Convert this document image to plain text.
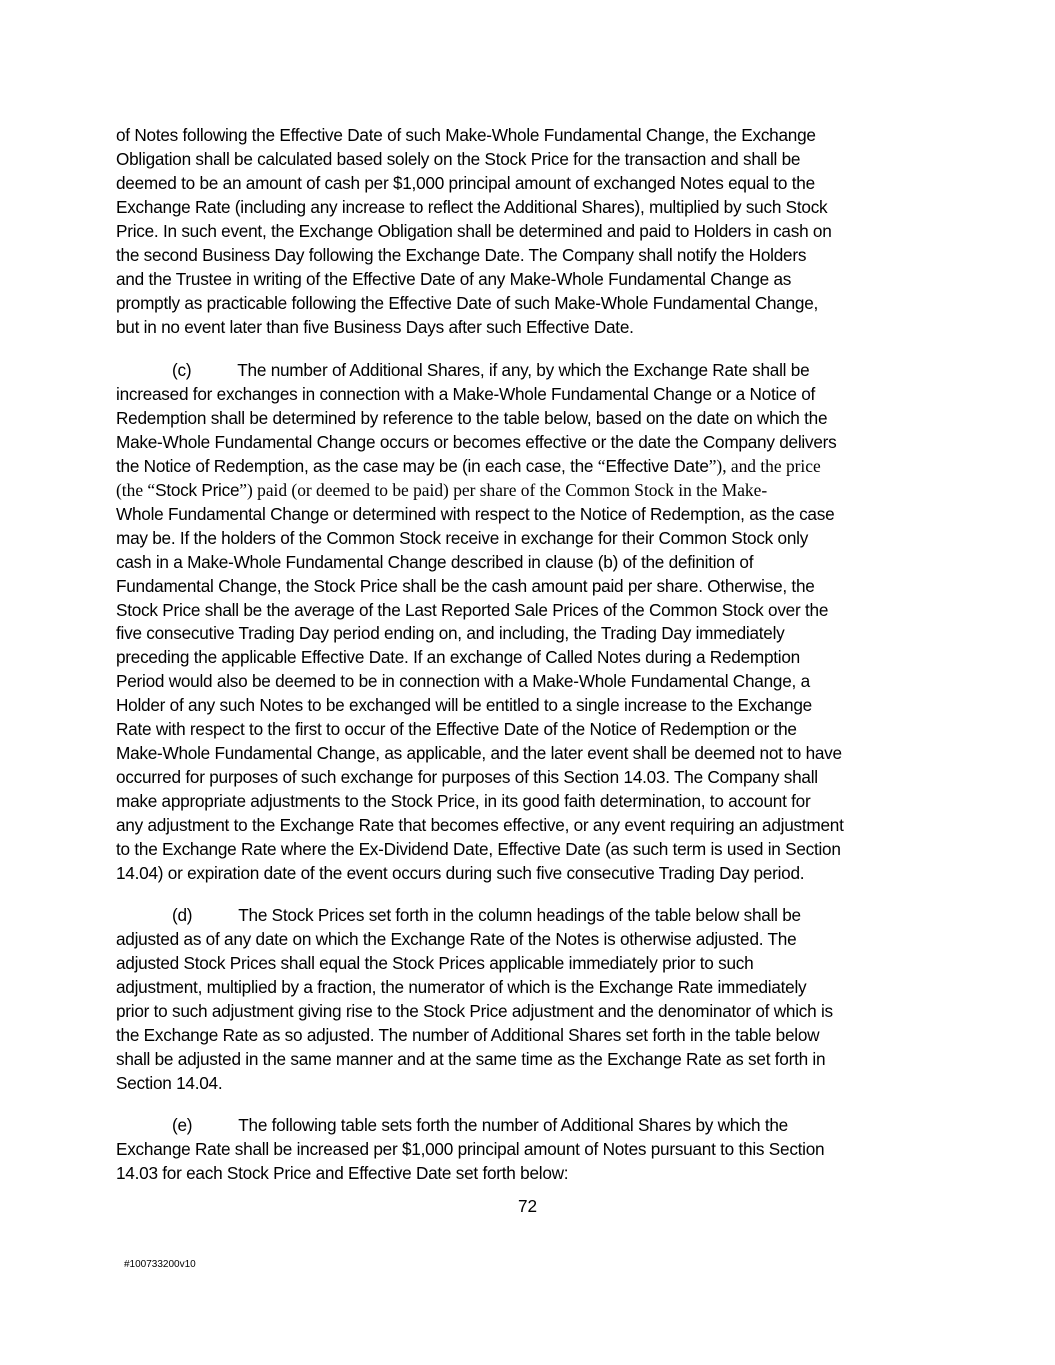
of Notes following the Effective Date of such Make-Whole Fundamental Change, the Exchange
Obligation shall be calculated based solely on the Stock Price for the transaction and shall be
deemed to be an amount of cash per $1,000 principal amount of exchanged Notes equal to the
Exchange Rate (including any increase to reflect the Additional Shares), multiplied by such Stock
Price. In such event, the Exchange Obligation shall be determined and paid to Holders in cash on
the second Business Day following the Exchange Date. The Company shall notify the Holders
and the Trustee in writing of the Effective Date of any Make-Whole Fundamental Change as
promptly as practicable following the Effective Date of such Make-Whole Fundamental Change,
but in no event later than five Business Days after such Effective Date.
(c)	The number of Additional Shares, if any, by which the Exchange Rate shall be
increased for exchanges in connection with a Make-Whole Fundamental Change or a Notice of
Redemption shall be determined by reference to the table below, based on the date on which the
Make-Whole Fundamental Change occurs or becomes effective or the date the Company delivers
the Notice of Redemption, as the case may be (in each case, the “Effective Date”), and the price
(the “Stock Price”) paid (or deemed to be paid) per share of the Common Stock in the Make-
Whole Fundamental Change or determined with respect to the Notice of Redemption, as the case
may be. If the holders of the Common Stock receive in exchange for their Common Stock only
cash in a Make-Whole Fundamental Change described in clause (b) of the definition of
Fundamental Change, the Stock Price shall be the cash amount paid per share. Otherwise, the
Stock Price shall be the average of the Last Reported Sale Prices of the Common Stock over the
five consecutive Trading Day period ending on, and including, the Trading Day immediately
preceding the applicable Effective Date. If an exchange of Called Notes during a Redemption
Period would also be deemed to be in connection with a Make-Whole Fundamental Change, a
Holder of any such Notes to be exchanged will be entitled to a single increase to the Exchange
Rate with respect to the first to occur of the Effective Date of the Notice of Redemption or the
Make-Whole Fundamental Change, as applicable, and the later event shall be deemed not to have
occurred for purposes of such exchange for purposes of this Section 14.03. The Company shall
make appropriate adjustments to the Stock Price, in its good faith determination, to account for
any adjustment to the Exchange Rate that becomes effective, or any event requiring an adjustment
to the Exchange Rate where the Ex-Dividend Date, Effective Date (as such term is used in Section
14.04) or expiration date of the event occurs during such five consecutive Trading Day period.
(d)	The Stock Prices set forth in the column headings of the table below shall be
adjusted as of any date on which the Exchange Rate of the Notes is otherwise adjusted. The
adjusted Stock Prices shall equal the Stock Prices applicable immediately prior to such
adjustment, multiplied by a fraction, the numerator of which is the Exchange Rate immediately
prior to such adjustment giving rise to the Stock Price adjustment and the denominator of which is
the Exchange Rate as so adjusted. The number of Additional Shares set forth in the table below
shall be adjusted in the same manner and at the same time as the Exchange Rate as set forth in
Section 14.04.
(e)	The following table sets forth the number of Additional Shares by which the
Exchange Rate shall be increased per $1,000 principal amount of Notes pursuant to this Section
14.03 for each Stock Price and Effective Date set forth below:

72

#100733200v10
